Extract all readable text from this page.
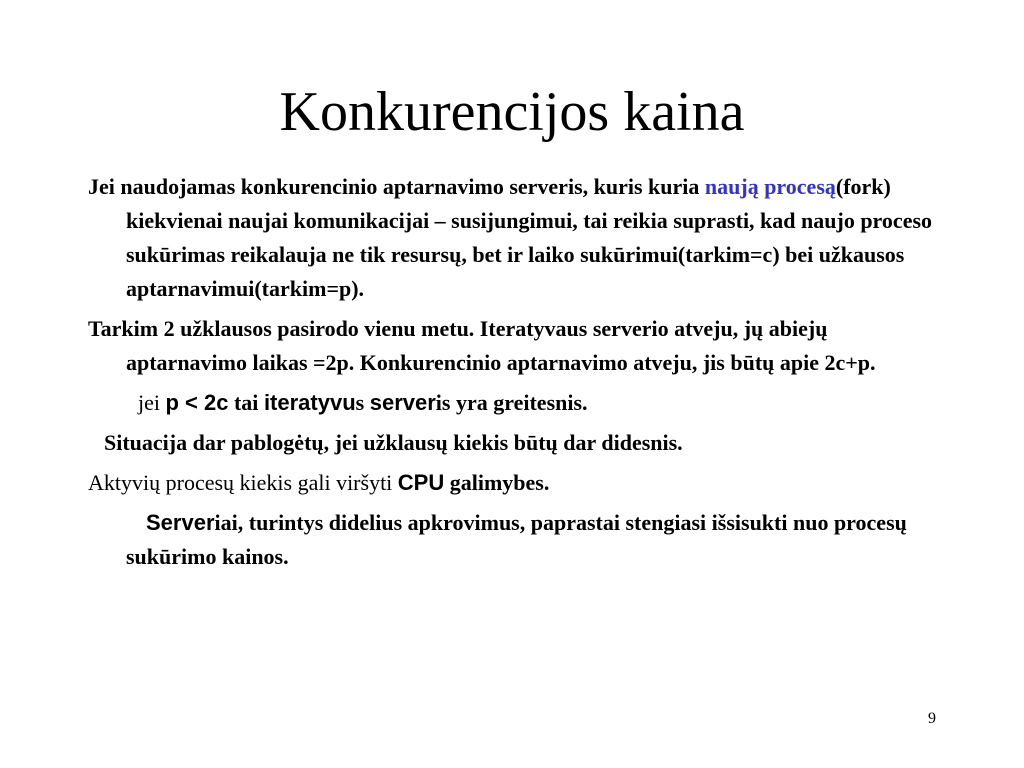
Konkurencijos kaina

Jei naudojamas konkurencinio aptarnavimo serveris, kuris kuria naują procesą(fork) kiekvienai naujai komunikacijai – susijungimui, tai reikia suprasti, kad naujo proceso sukūrimas reikalauja ne tik resursų, bet ir laiko sukūrimui(tarkim=c) bei užkausos aptarnavimui(tarkim=p).

Tarkim 2 užklausos pasirodo vienu metu. Iteratyvaus serverio atveju, jų abiejų aptarnavimo laikas =2p. Konkurencinio aptarnavimo atveju, jis būtų apie 2c+p.

jei p < 2c tai iteratyvus serveris yra greitesnis.

Situacija dar pablogėtų, jei užklausų kiekis būtų dar didesnis.

Aktyvių procesų kiekis gali viršyti CPU galimybes.

Serveriai, turintys didelius apkrovimus, paprastai stengiasi išsisukti nuo procesų sukūrimo kainos.

9
